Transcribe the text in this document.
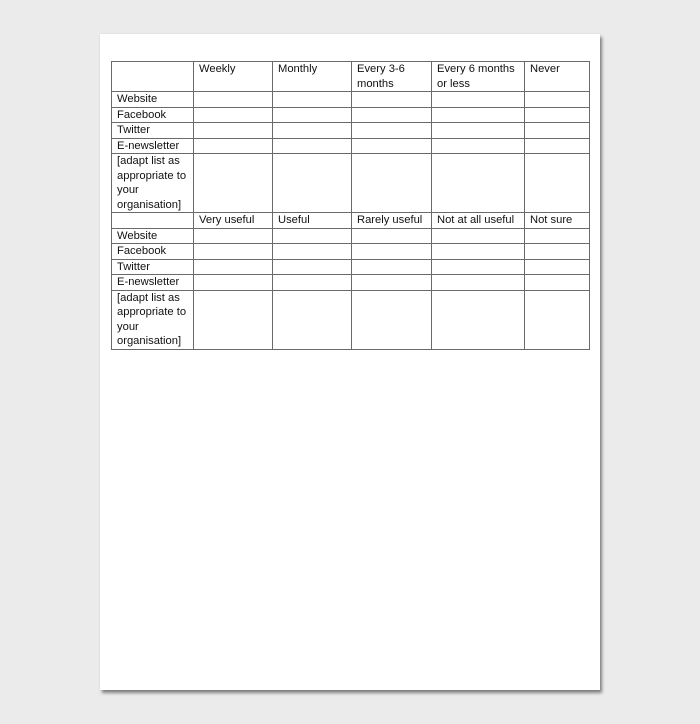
	Weekly	Monthly	Every 3-6 months	Every 6 months or less	Never
Website					
Facebook					
Twitter					
E-newsletter					
[adapt list as appropriate to your organisation]					
	Very useful	Useful	Rarely useful	Not at all useful	Not sure
Website					
Facebook					
Twitter					
E-newsletter					
[adapt list as appropriate to your organisation]					
